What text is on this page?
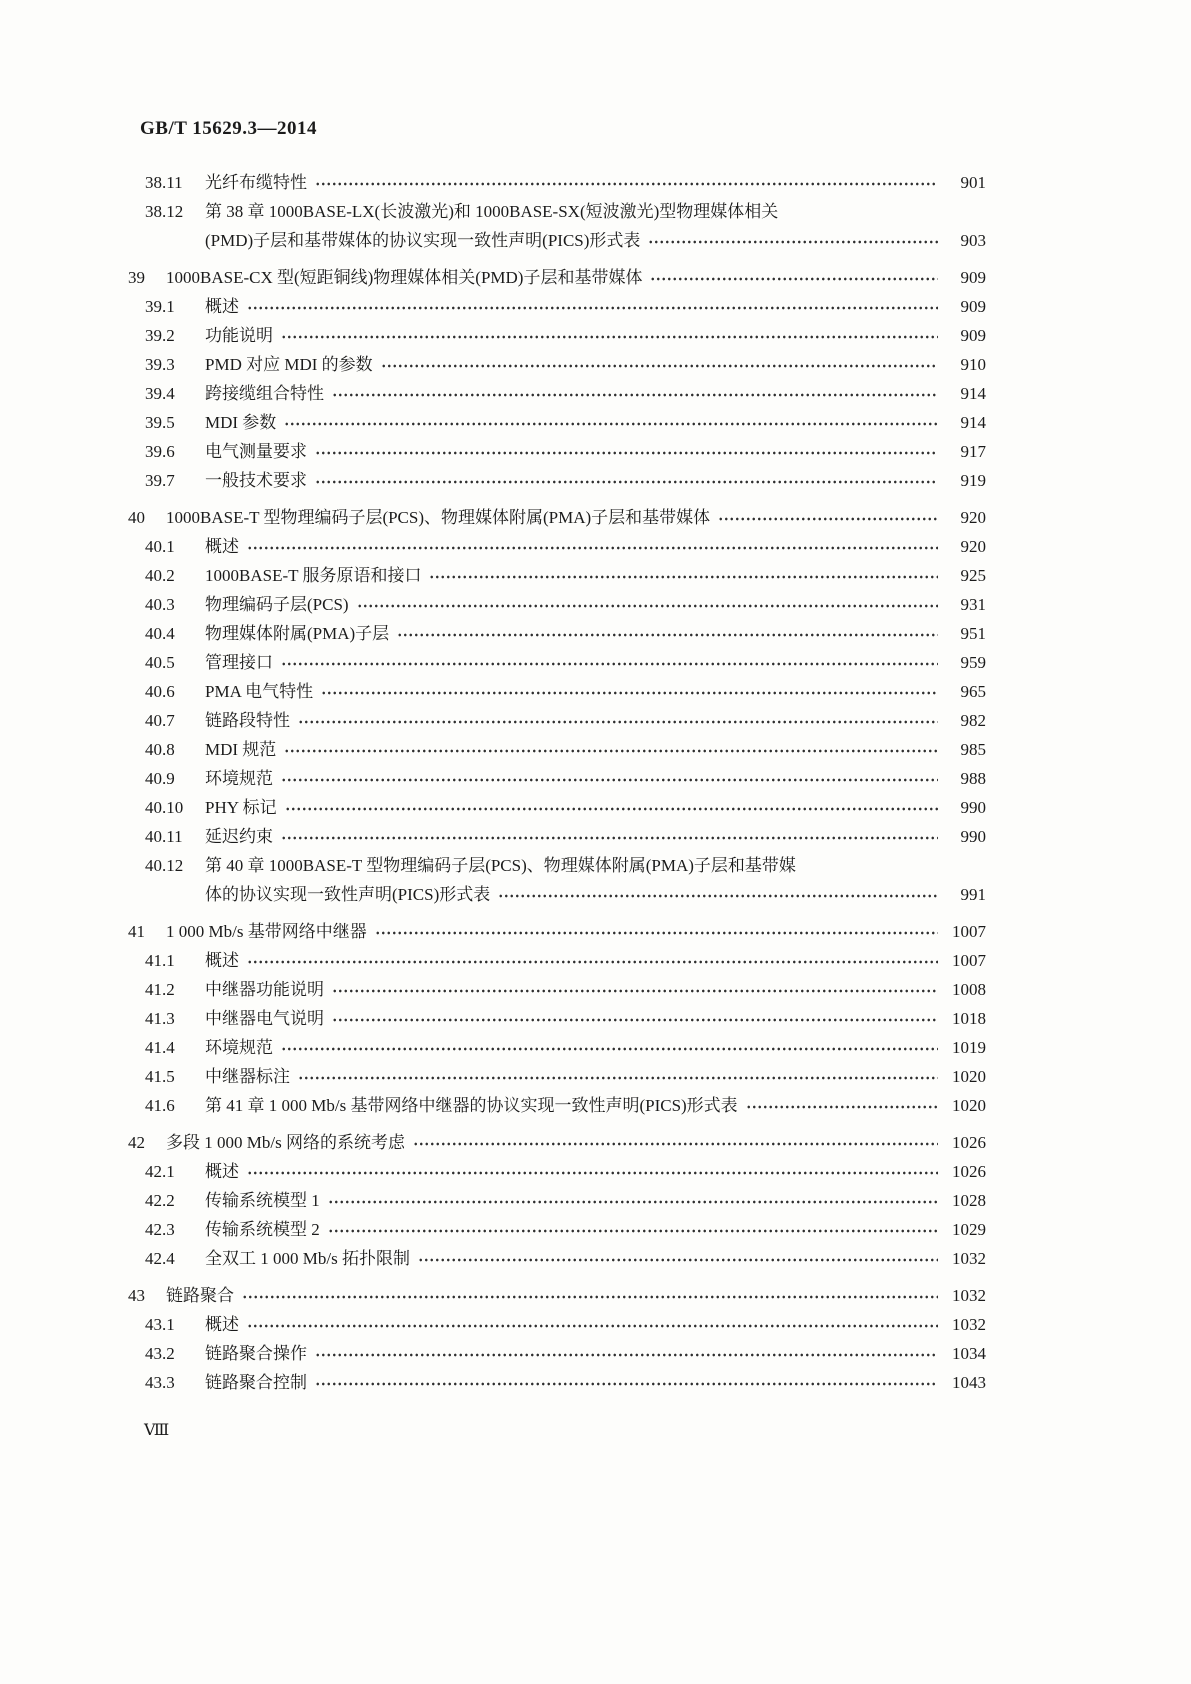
GB/T 15629.3—2014
38.11	光纤布缆特性	901
38.12	第 38 章 1000BASE-LX(长波激光)和 1000BASE-SX(短波激光)型物理媒体相关
(PMD)子层和基带媒体的协议实现一致性声明(PICS)形式表	903
39	1000BASE-CX 型(短距铜线)物理媒体相关(PMD)子层和基带媒体	909
39.1	概述	909
39.2	功能说明	909
39.3	PMD 对应 MDI 的参数	910
39.4	跨接缆组合特性	914
39.5	MDI 参数	914
39.6	电气测量要求	917
39.7	一般技术要求	919
40	1000BASE-T 型物理编码子层(PCS)、物理媒体附属(PMA)子层和基带媒体	920
40.1	概述	920
40.2	1000BASE-T 服务原语和接口	925
40.3	物理编码子层(PCS)	931
40.4	物理媒体附属(PMA)子层	951
40.5	管理接口	959
40.6	PMA 电气特性	965
40.7	链路段特性	982
40.8	MDI 规范	985
40.9	环境规范	988
40.10	PHY 标记	990
40.11	延迟约束	990
40.12	第 40 章 1000BASE-T 型物理编码子层(PCS)、物理媒体附属(PMA)子层和基带媒
体的协议实现一致性声明(PICS)形式表	991
41	1 000 Mb/s 基带网络中继器	1007
41.1	概述	1007
41.2	中继器功能说明	1008
41.3	中继器电气说明	1018
41.4	环境规范	1019
41.5	中继器标注	1020
41.6	第 41 章 1 000 Mb/s 基带网络中继器的协议实现一致性声明(PICS)形式表	1020
42	多段 1 000 Mb/s 网络的系统考虑	1026
42.1	概述	1026
42.2	传输系统模型 1	1028
42.3	传输系统模型 2	1029
42.4	全双工 1 000 Mb/s 拓扑限制	1032
43	链路聚合	1032
43.1	概述	1032
43.2	链路聚合操作	1034
43.3	链路聚合控制	1043
Ⅷ
